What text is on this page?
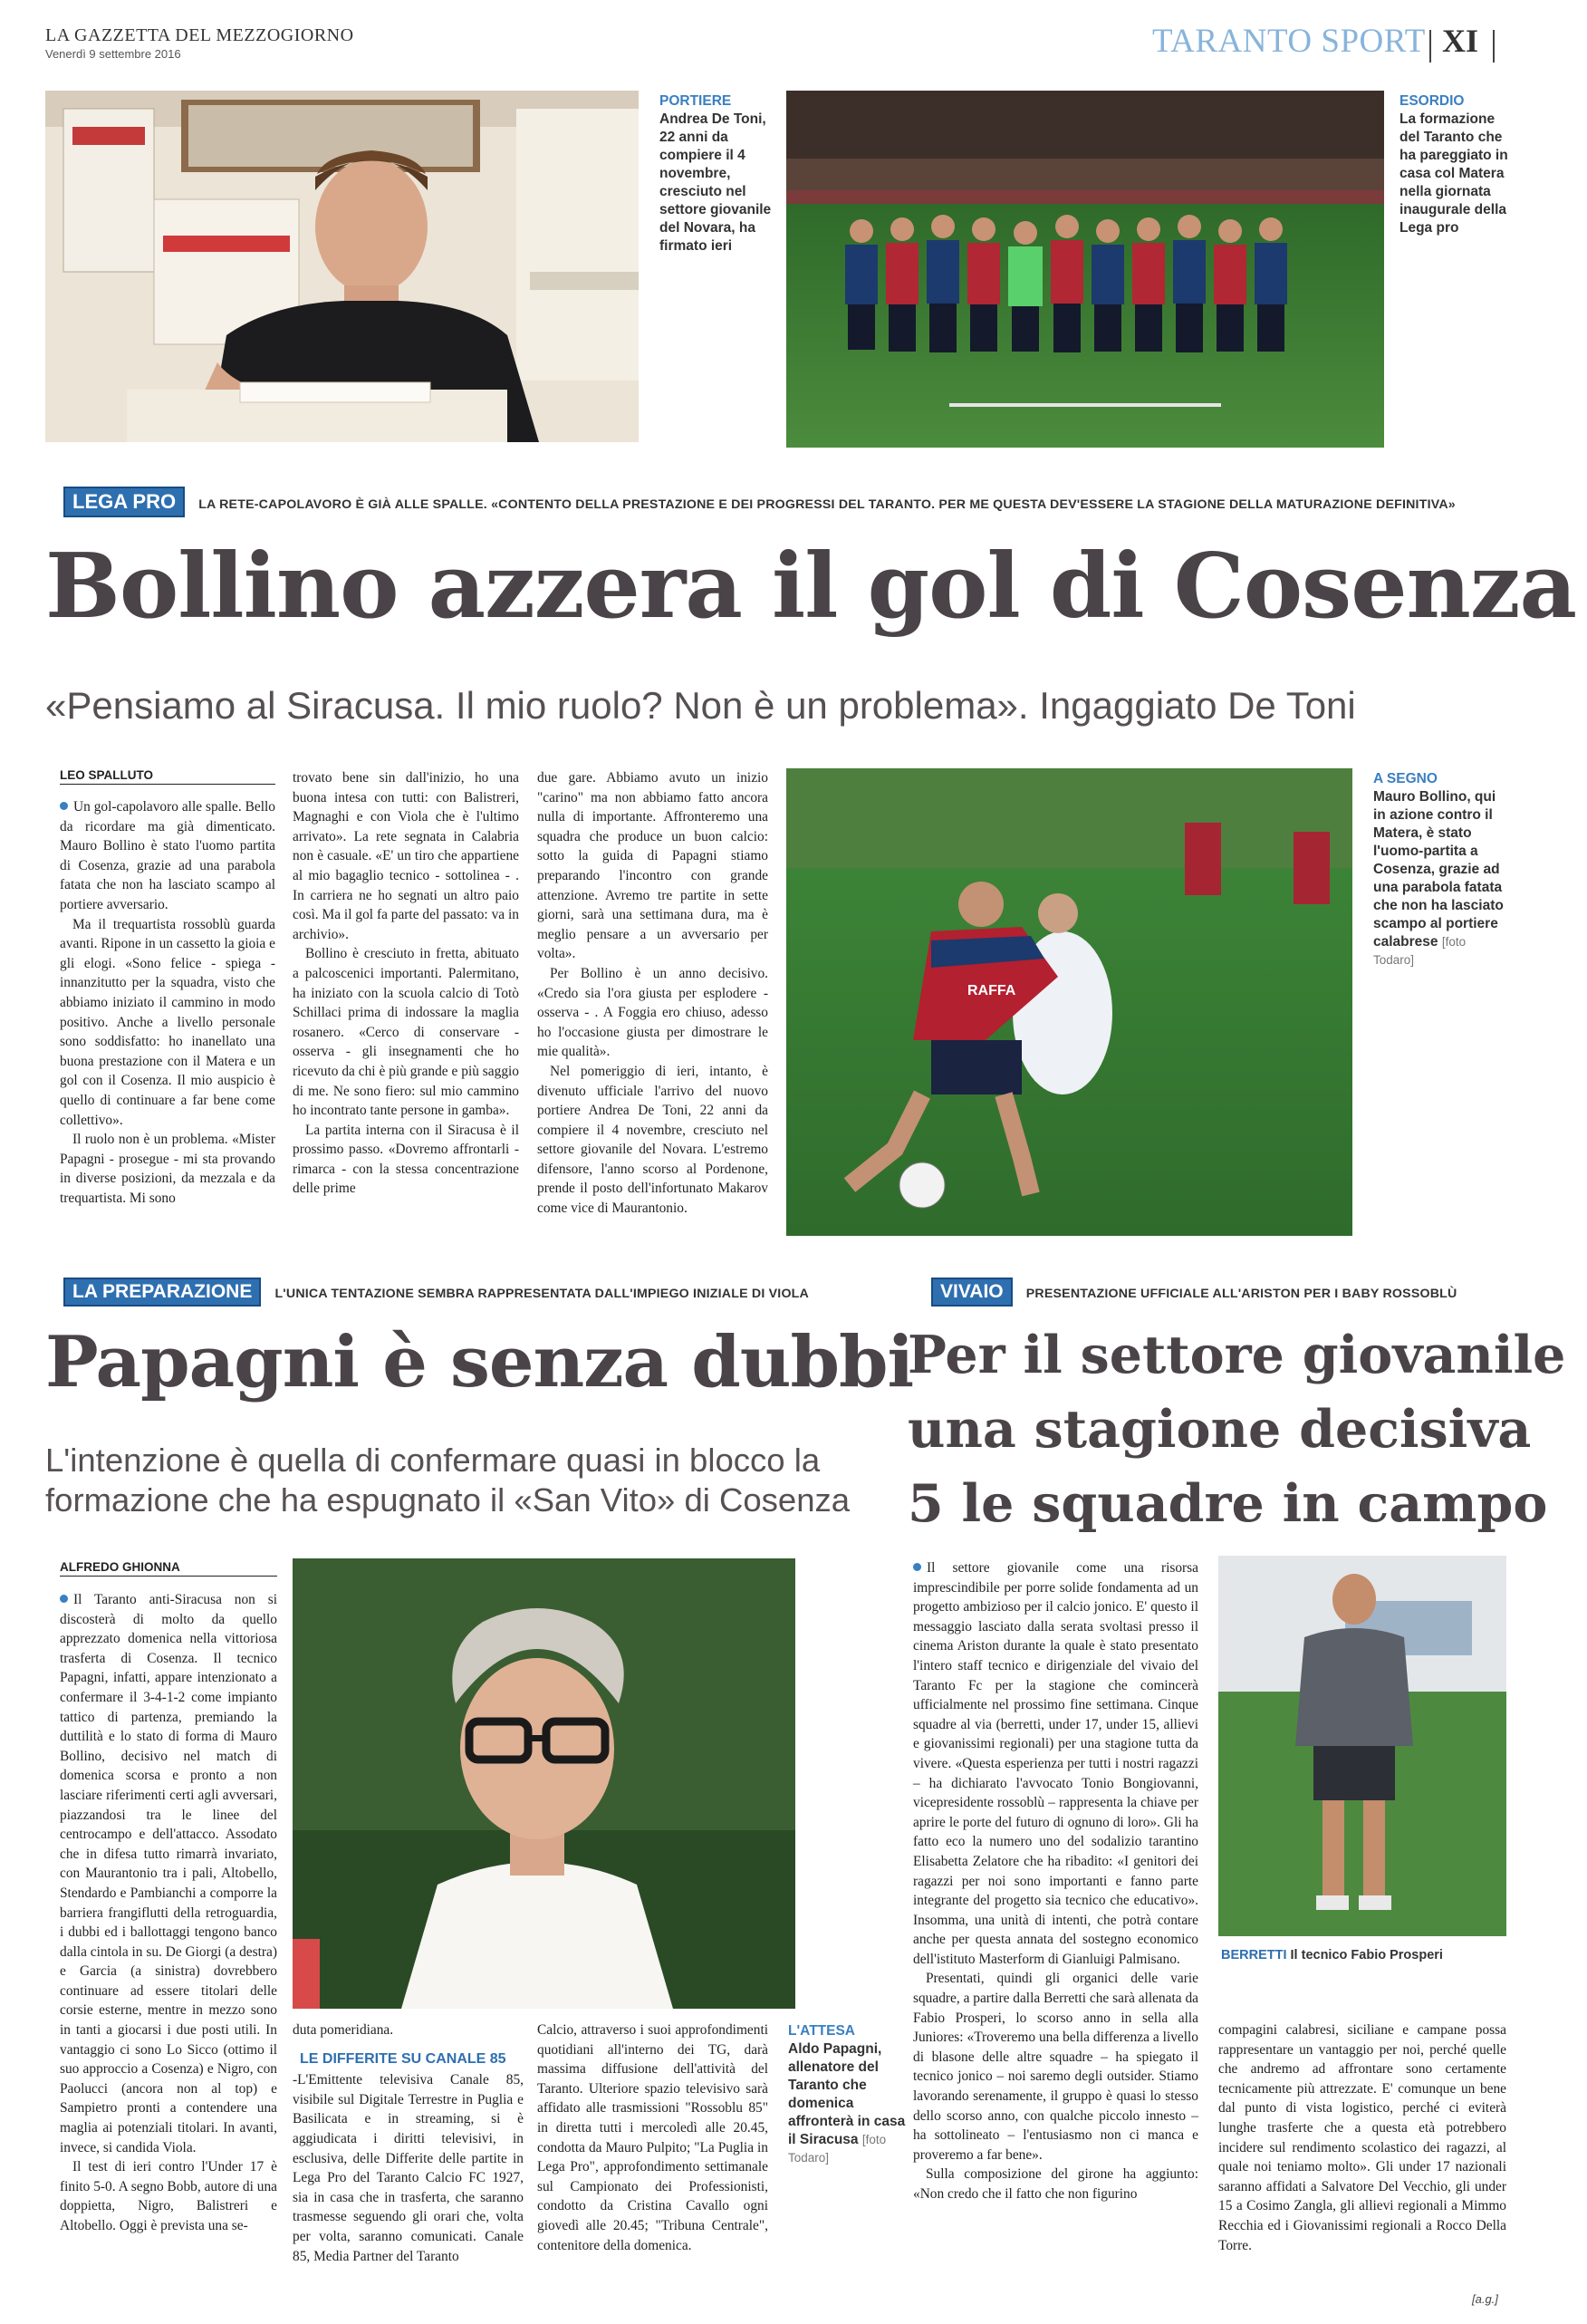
LA GAZZETTA DEL MEZZOGIORNO
Venerdì 9 settembre 2016	TARANTO SPORT XI
PORTIERE
Andrea De Toni, 22 anni da compiere il 4 novembre, cresciuto nel settore giovanile del Novara, ha firmato ieri
ESORDIO
La formazione del Taranto che ha pareggiato in casa col Matera nella giornata inaugurale della Lega pro
LEGA PRO LA RETE-CAPOLAVORO È GIÀ ALLE SPALLE. «CONTENTO DELLA PRESTAZIONE E DEI PROGRESSI DEL TARANTO. PER ME QUESTA DEV'ESSERE LA STAGIONE DELLA MATURAZIONE DEFINITIVA»
Bollino azzera il gol di Cosenza
«Pensiamo al Siracusa. Il mio ruolo? Non è un problema». Ingaggiato De Toni
LEO SPALLUTO

Un gol-capolavoro alle spalle. Bello da ricordare ma già dimenticato. Mauro Bollino è stato l'uomo partita di Cosenza, grazie ad una parabola fatata che non ha lasciato scampo al portiere avversario.

Ma il trequartista rossoblù guarda avanti. Ripone in un cassetto la gioia e gli elogi. «Sono felice - spiega - innanzitutto per la squadra, visto che abbiamo iniziato il cammino in modo positivo. Anche a livello personale sono soddisfatto: ho inanellato una buona prestazione con il Matera e un gol con il Cosenza. Il mio auspicio è quello di continuare a far bene come collettivo».

Il ruolo non è un problema. «Mister Papagni - prosegue - mi sta provando in diverse posizioni, da mezzala e da trequartista. Mi sono

trovato bene sin dall'inizio, ho una buona intesa con tutti: con Balistreri, Magnaghi e con Viola che è l'ultimo arrivato». La rete segnata in Calabria non è casuale. «E' un tiro che appartiene al mio bagaglio tecnico - sottolinea - . In carriera ne ho segnati un altro paio così. Ma il gol fa parte del passato: va in archivio».

Bollino è cresciuto in fretta, abituato a palcoscenici importanti. Palermitano, ha iniziato con la scuola calcio di Totò Schillaci prima di indossare la maglia rosanero. «Cerco di conservare - osserva - gli insegnamenti che ho ricevuto da chi è più grande e più saggio di me. Ne sono fiero: sul mio cammino ho incontrato tante persone in gamba».

La partita interna con il Siracusa è il prossimo passo. «Dovremo affrontarli - rimarca - con la stessa concentrazione delle prime

due gare. Abbiamo avuto un inizio "carino" ma non abbiamo fatto ancora nulla di importante. Affronteremo una squadra che produce un buon calcio: sotto la guida di Papagni stiamo preparando l'incontro con grande attenzione. Avremo tre partite in sette giorni, sarà una settimana dura, ma è meglio pensare a un avversario per volta».

Per Bollino è un anno decisivo. «Credo sia l'ora giusta per esplodere - osserva - . A Foggia ero chiuso, adesso ho l'occasione giusta per dimostrare le mie qualità».

Nel pomeriggio di ieri, intanto, è divenuto ufficiale l'arrivo del nuovo portiere Andrea De Toni, 22 anni da compiere il 4 novembre, cresciuto nel settore giovanile del Novara. L'estremo difensore, l'anno scorso al Pordenone, prende il posto dell'infortunato Makarov come vice di Maurantonio.

RAFFA
A SEGNO
Mauro Bollino, qui in azione contro il Matera, è stato l'uomo-partita a Cosenza, grazie ad una parabola fatata che non ha lasciato scampo al portiere calabrese [foto Todaro]
LA PREPARAZIONE L'UNICA TENTAZIONE SEMBRA RAPPRESENTATA DALL'IMPIEGO INIZIALE DI VIOLA
Papagni è senza dubbi
L'intenzione è quella di confermare quasi in blocco la formazione che ha espugnato il «San Vito» di Cosenza
ALFREDO GHIONNA

Il Taranto anti-Siracusa non si discosterà di molto da quello apprezzato domenica nella vittoriosa trasferta di Cosenza. Il tecnico Papagni, infatti, appare intenzionato a confermare il 3-4-1-2 come impianto tattico di partenza, premiando la duttilità e lo stato di forma di Mauro Bollino, decisivo nel match di domenica scorsa e pronto a non lasciare riferimenti certi agli avversari, piazzandosi tra le linee del centrocampo e dell'attacco. Assodato che in difesa tutto rimarrà invariato, con Maurantonio tra i pali, Altobello, Stendardo e Pambianchi a comporre la barriera frangiflutti della retroguardia, i dubbi ed i ballottaggi tengono banco dalla cintola in su. De Giorgi (a destra) e Garcia (a sinistra) dovrebbero continuare ad essere titolari delle corsie esterne, mentre in mezzo sono in tanti a giocarsi i due posti utili. In vantaggio ci sono Lo Sicco (ottimo il suo approccio a Cosenza) e Nigro, con Paolucci (ancora non al top) e Sampietro pronti a contendere una maglia ai potenziali titolari. In avanti, invece, si candida Viola.

Il test di ieri contro l'Under 17 è finito 5-0. A segno Bobb, autore di una doppietta, Nigro, Balistreri e Altobello. Oggi è prevista una se-

duta pomeridiana.

LE DIFFERITE SU CANALE 85

-L'Emittente televisiva Canale 85, visibile sul Digitale Terrestre in Puglia e Basilicata e in streaming, si è aggiudicata i diritti televisivi, in esclusiva, delle Differite delle partite in Lega Pro del Taranto Calcio FC 1927, sia in casa che in trasferta, che saranno trasmesse seguendo gli orari che, volta per volta, saranno comunicati. Canale 85, Media Partner del Taranto

Calcio, attraverso i suoi approfondimenti quotidiani all'interno dei TG, darà massima diffusione dell'attività del Taranto. Ulteriore spazio televisivo sarà affidato alle trasmissioni "Rossoblu 85" in diretta tutti i mercoledì alle 20.45, condotta da Mauro Pulpito; "La Puglia in Lega Pro", approfondimento settimanale sul Campionato dei Professionisti, condotto da Cristina Cavallo ogni giovedì alle 20.45; "Tribuna Centrale", contenitore della domenica.

L'ATTESA
Aldo Papagni, allenatore del Taranto che domenica affronterà in casa il Siracusa [foto Todaro]
VIVAIO PRESENTAZIONE UFFICIALE ALL'ARISTON PER I BABY ROSSOBLÙ
Per il settore giovanile
una stagione decisiva
5 le squadre in campo

Il settore giovanile come una risorsa imprescindibile per porre solide fondamenta ad un progetto ambizioso per il calcio jonico. E' questo il messaggio lasciato dalla serata svoltasi presso il cinema Ariston durante la quale è stato presentato l'intero staff tecnico e dirigenziale del vivaio del Taranto Fc per la stagione che comincerà ufficialmente nel prossimo fine settimana. Cinque squadre al via (berretti, under 17, under 15, allievi e giovanissimi regionali) per una stagione tutta da vivere. «Questa esperienza per tutti i nostri ragazzi – ha dichiarato l'avvocato Tonio Bongiovanni, vicepresidente rossoblù – rappresenta la chiave per aprire le porte del futuro di ognuno di loro». Gli ha fatto eco la numero uno del sodalizio tarantino Elisabetta Zelatore che ha ribadito: «I genitori dei ragazzi per noi sono importanti e fanno parte integrante del progetto sia tecnico che educativo». Insomma, una unità di intenti, che potrà contare anche per questa annata del sostegno economico dell'istituto Masterform di Gianluigi Palmisano.

Presentati, quindi gli organici delle varie squadre, a partire dalla Berretti che sarà allenata da Fabio Prosperi, lo scorso anno in sella alla Juniores: «Troveremo una bella differenza a livello di blasone delle altre squadre – ha spiegato il tecnico jonico – noi saremo degli outsider. Stiamo lavorando serenamente, il gruppo è quasi lo stesso dello scorso anno, con qualche piccolo innesto – ha sottolineato – l'entusiasmo non ci manca e proveremo a far bene».

Sulla composizione del girone ha aggiunto: «Non credo che il fatto che non figurino

BERRETTI Il tecnico Fabio Prosperi

compagini calabresi, siciliane e campane possa rappresentare un vantaggio per noi, perché quelle che andremo ad affrontare sono certamente tecnicamente più attrezzate. E' comunque un bene dal punto di vista logistico, perché ci eviterà lunghe trasferte che a questa età potrebbero incidere sul rendimento scolastico dei ragazzi, al quale noi teniamo molto». Gli under 17 nazionali saranno affidati a Salvatore Del Vecchio, gli under 15 a Cosimo Zangla, gli allievi regionali a Mimmo Recchia ed i Giovanissimi regionali a Rocco Della Torre.

[a.g.]
